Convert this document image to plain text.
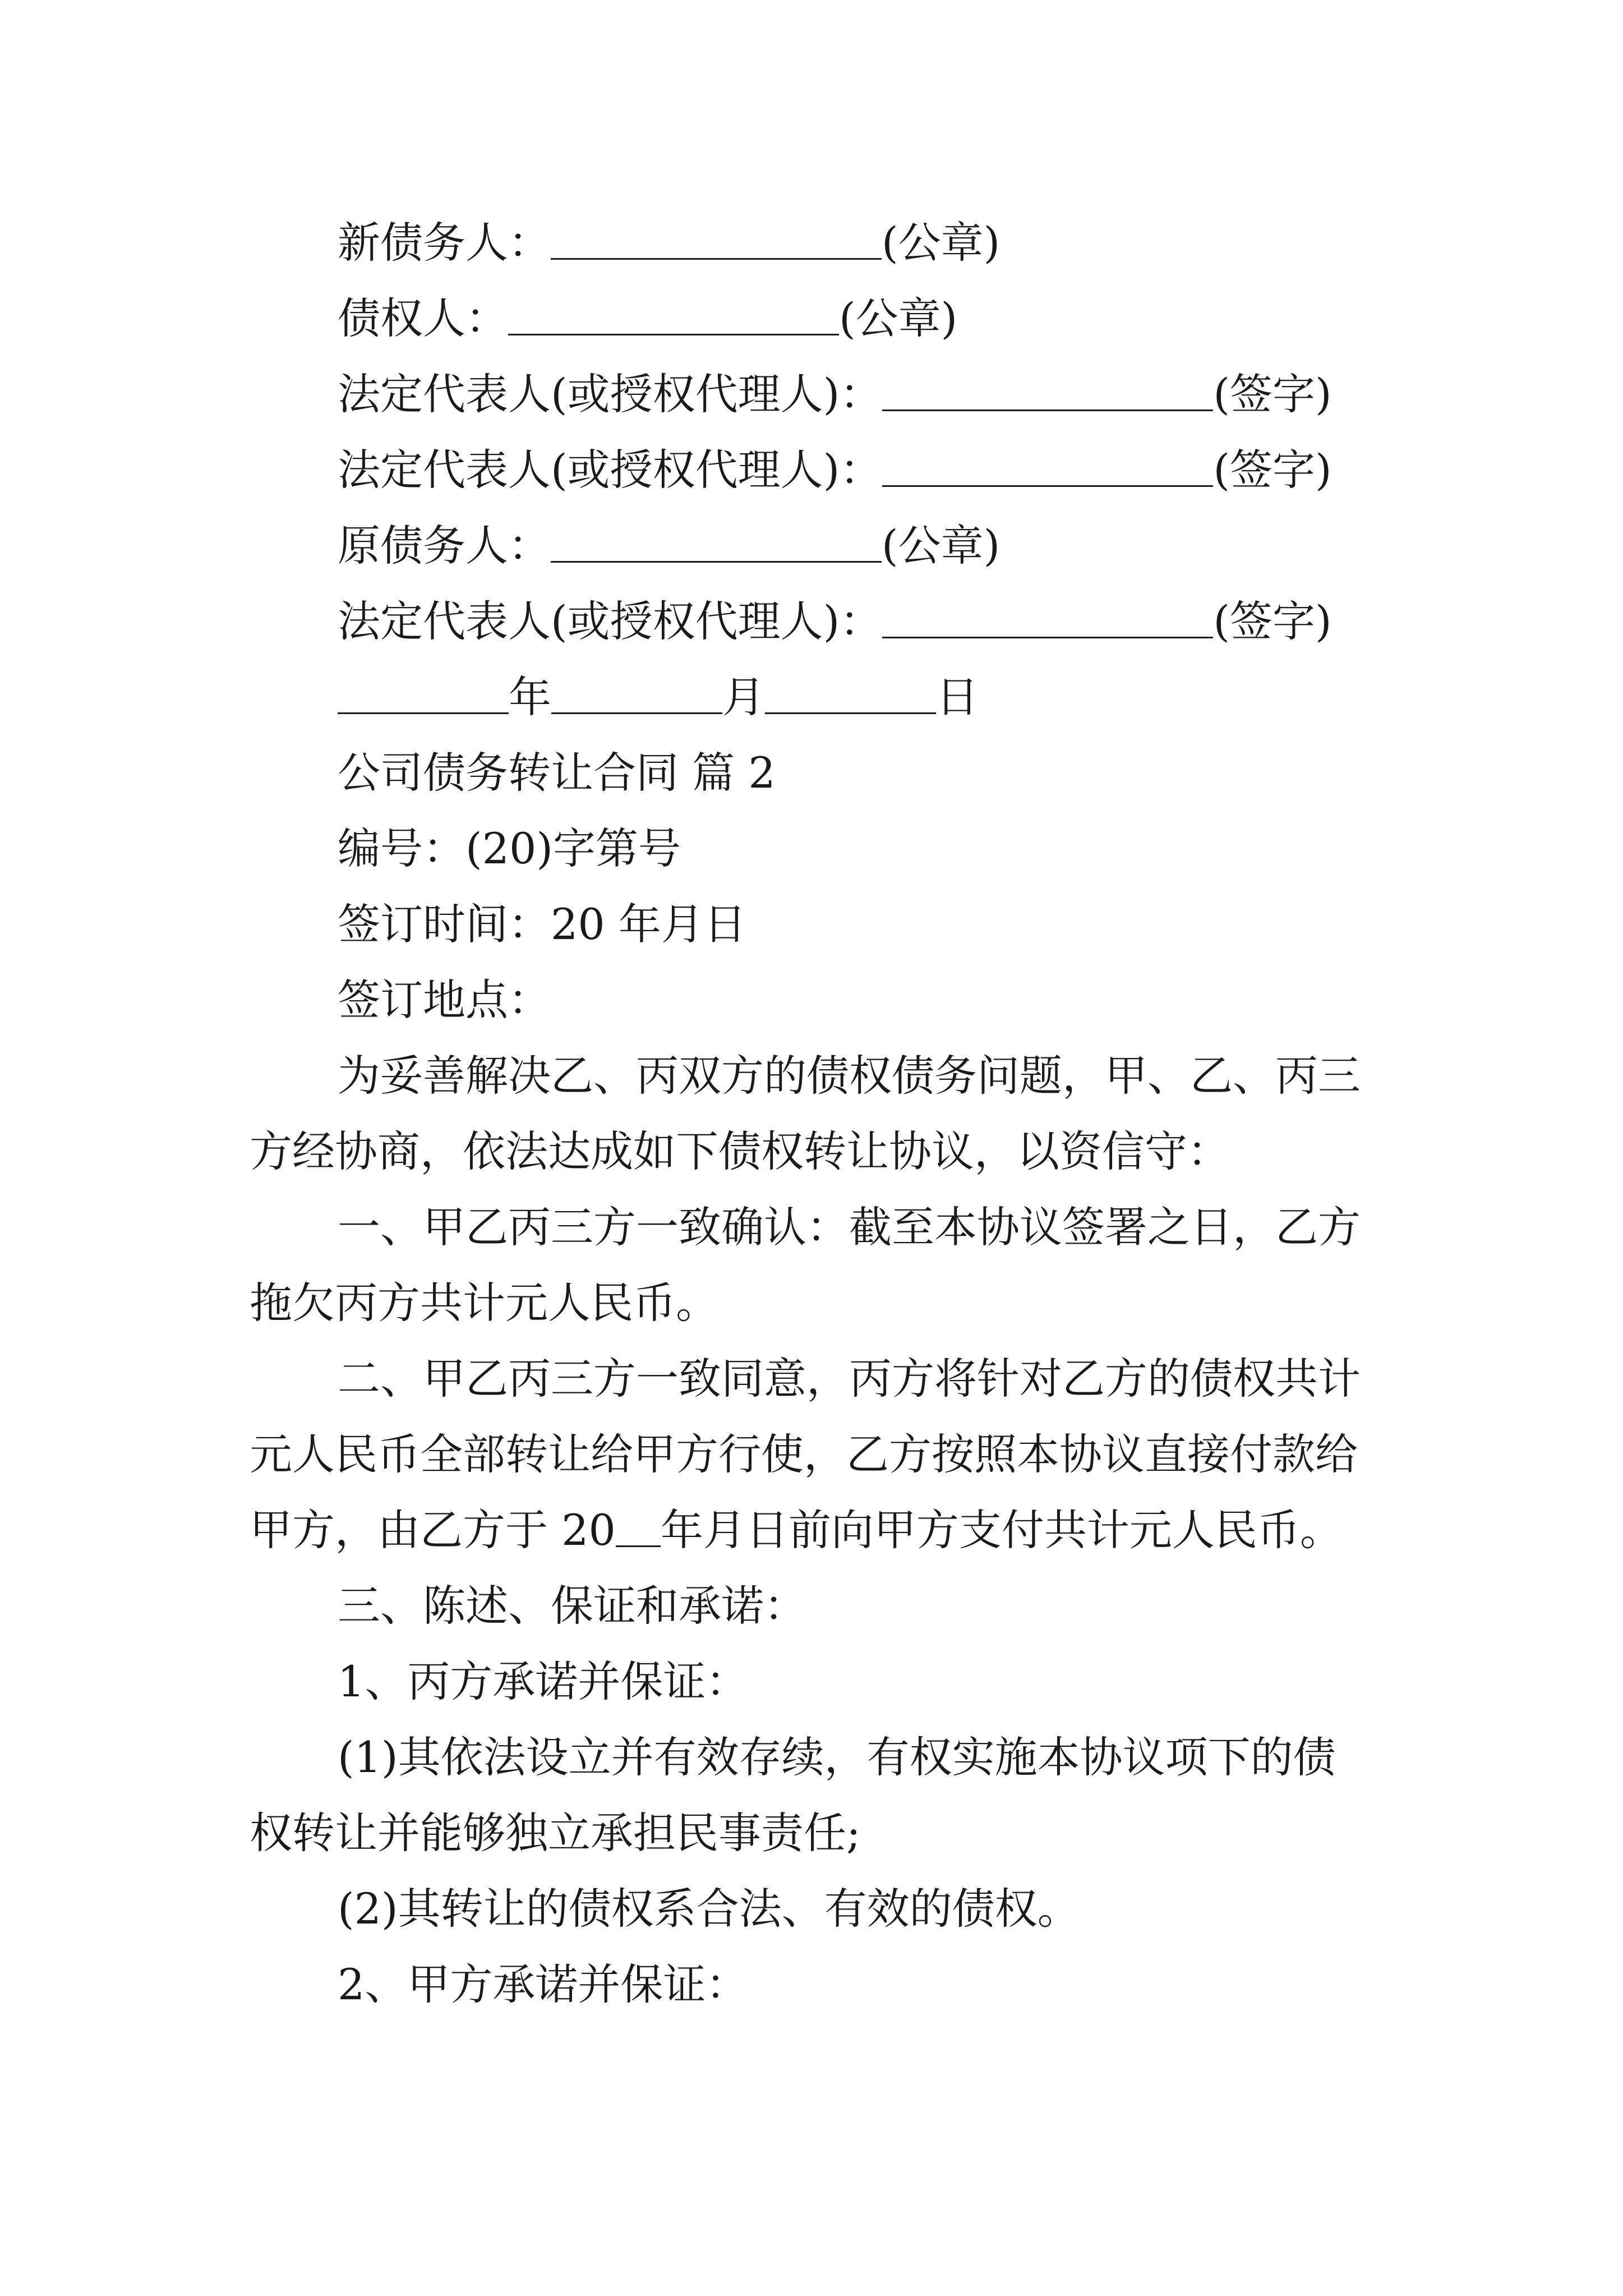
新债务人：	(公章)
债权人：	(公章)
法定代表人(或授权代理人)：	(签字)
法定代表人(或授权代理人)：	(签字)
原债务人：	(公章)
法定代表人(或授权代理人)：	(签字)
年	月	日
公司债务转让合同 篇 2
编号：(20)字第号
签订时间：20 年月日
签订地点：
为妥善解决乙、丙双方的债权债务问题，甲、乙、丙三
方经协商，依法达成如下债权转让协议，以资信守：
一、甲乙丙三方一致确认：截至本协议签署之日，乙方
拖欠丙方共计元人民币。
二、甲乙丙三方一致同意，丙方将针对乙方的债权共计
元人民币全部转让给甲方行使，乙方按照本协议直接付款给
甲方，由乙方于 20 年月日前向甲方支付共计元人民币。
三、陈述、保证和承诺：
1、丙方承诺并保证：
(1)其依法设立并有效存续，有权实施本协议项下的债
权转让并能够独立承担民事责任;
(2)其转让的债权系合法、有效的债权。
2、甲方承诺并保证：
